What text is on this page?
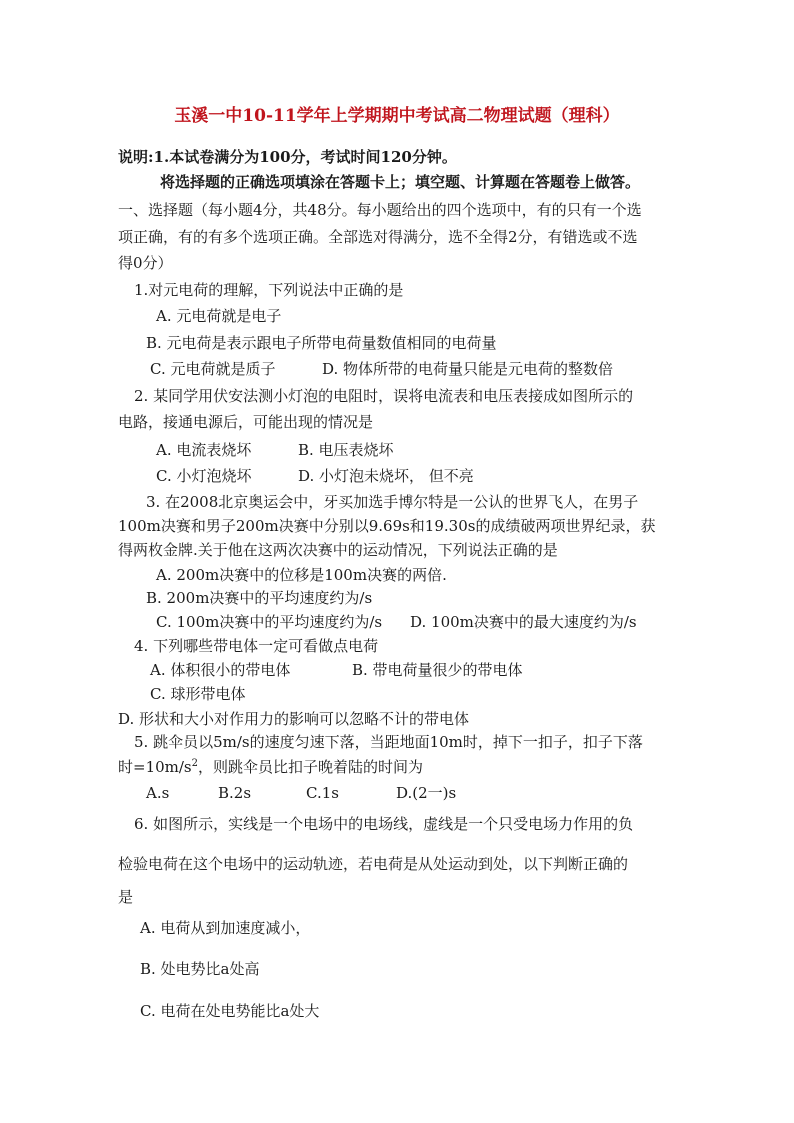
玉溪一中10-11学年上学期期中考试高二物理试题（理科）
说明:1.本试卷满分为100分，考试时间120分钟。
将选择题的正确选项填涂在答题卡上；填空题、计算题在答题卷上做答。
一、选择题（每小题4分，共48分。每小题给出的四个选项中，有的只有一个选
项正确，有的有多个选项正确。全部选对得满分，选不全得2分，有错选或不选
得0分）
1.对元电荷的理解，下列说法中正确的是
A. 元电荷就是电子
B. 元电荷是表示跟电子所带电荷量数值相同的电荷量
C. 元电荷就是质子	D. 物体所带的电荷量只能是元电荷的整数倍
2. 某同学用伏安法测小灯泡的电阻时，误将电流表和电压表接成如图所示的
电路，接通电源后，可能出现的情况是
A. 电流表烧坏	B. 电压表烧坏
C. 小灯泡烧坏	D. 小灯泡未烧坏， 但不亮
3. 在2008北京奥运会中，牙买加选手博尔特是一公认的世界飞人，在男子
100m决赛和男子200m决赛中分别以9.69s和19.30s的成绩破两项世界纪录，获
得两枚金牌.关于他在这两次决赛中的运动情况，下列说法正确的是
A. 200m决赛中的位移是100m决赛的两倍.
B. 200m决赛中的平均速度约为/s
C. 100m决赛中的平均速度约为/s D. 100m决赛中的最大速度约为/s
4. 下列哪些带电体一定可看做点电荷
A. 体积很小的带电体	B. 带电荷量很少的带电体
C. 球形带电体
D. 形状和大小对作用力的影响可以忽略不计的带电体
5. 跳伞员以5m/s的速度匀速下落，当距地面10m时，掉下一扣子，扣子下落
时$=10m/s^2$，则跳伞员比扣子晚着陆的时间为
A.s	B.2s	C.1s	D.(2一)s
6. 如图所示，实线是一个电场中的电场线，虚线是一个只受电场力作用的负
检验电荷在这个电场中的运动轨迹，若电荷是从处运动到处，以下判断正确的
是
A. 电荷从到加速度减小，
B. 处电势比a处高
C. 电荷在处电势能比a处大
